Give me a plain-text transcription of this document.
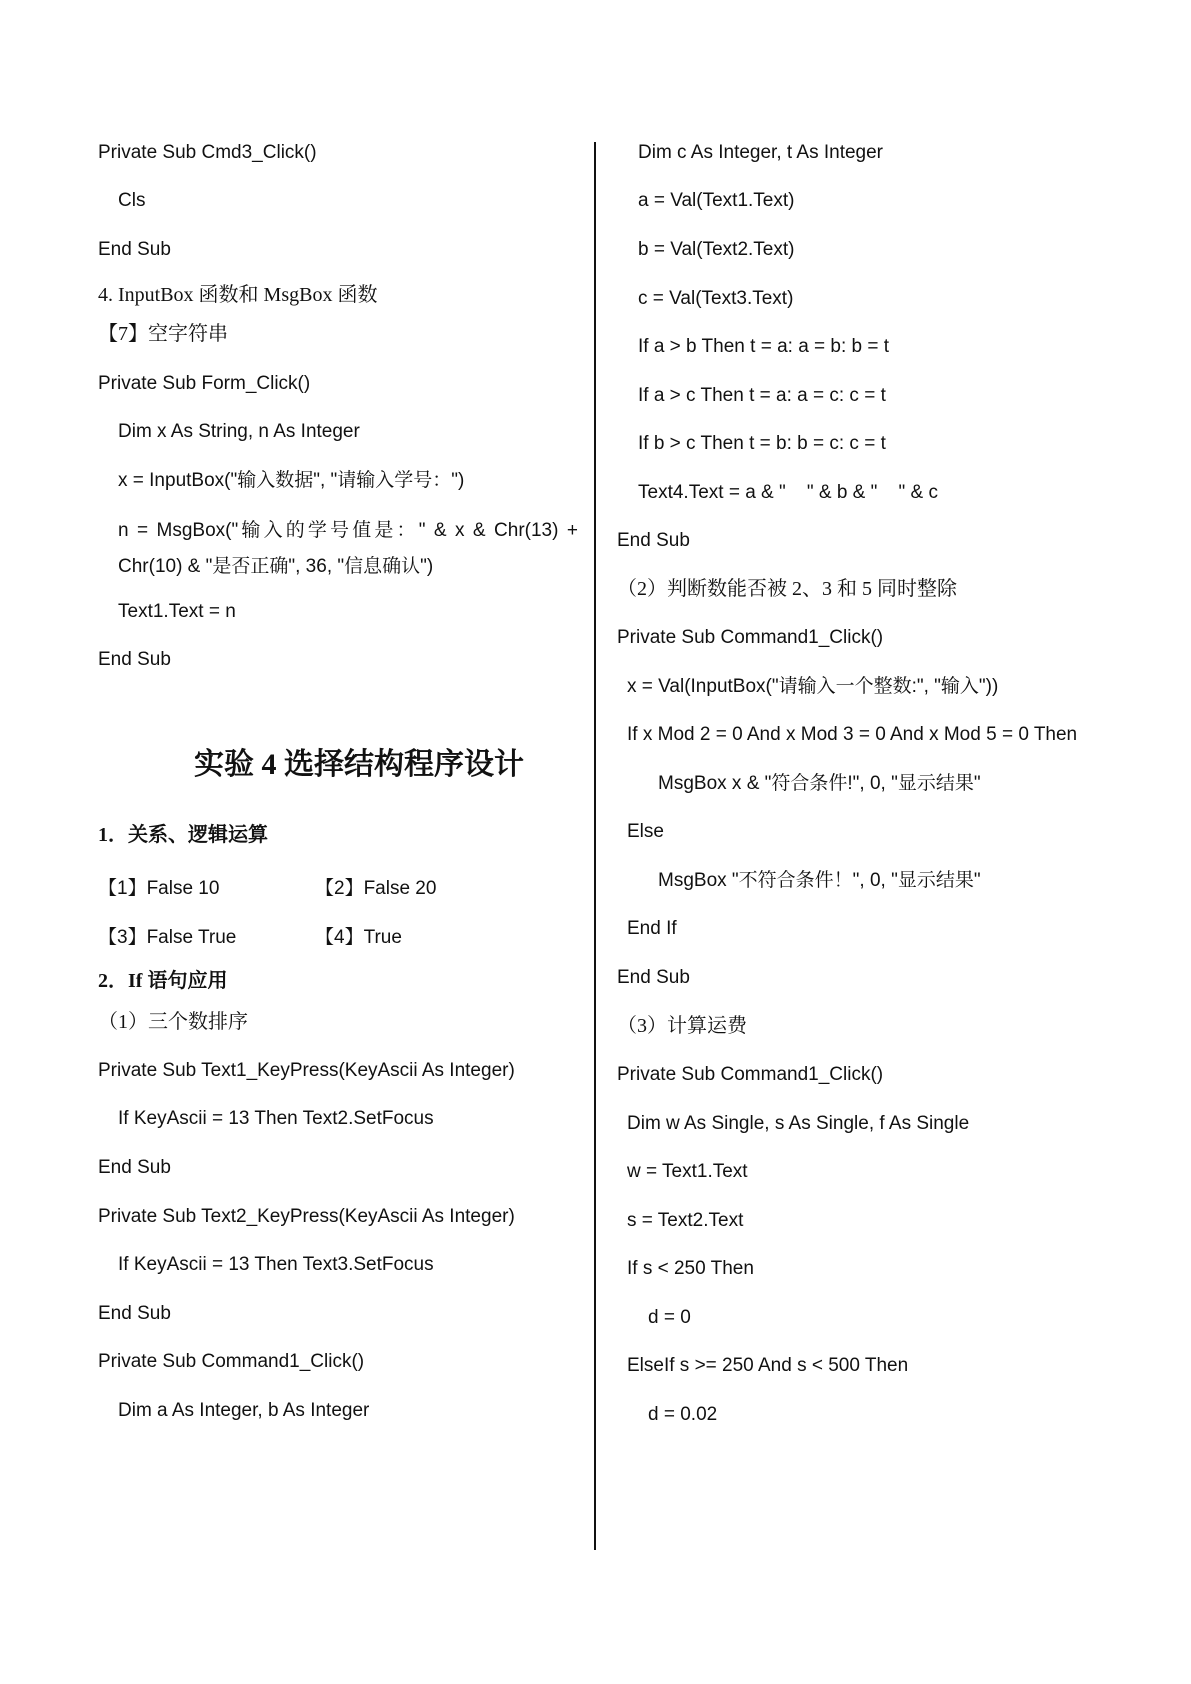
Private Sub Cmd3_Click()
Cls
End Sub
4. InputBox 函数和 MsgBox 函数
【7】空字符串
Private Sub Form_Click()
Dim x As String, n As Integer
x = InputBox("输入数据", "请输入学号：")
n = MsgBox("输入的学号值是：" & x & Chr(13) + Chr(10) & "是否正确", 36, "信息确认")
Text1.Text = n
End Sub
实验 4 选择结构程序设计
1．关系、逻辑运算
【1】False 10	【2】False 20
【3】False True	【4】True
2．If 语句应用
（1）三个数排序
Private Sub Text1_KeyPress(KeyAscii As Integer)
If KeyAscii = 13 Then Text2.SetFocus
End Sub
Private Sub Text2_KeyPress(KeyAscii As Integer)
If KeyAscii = 13 Then Text3.SetFocus
End Sub
Private Sub Command1_Click()
Dim a As Integer, b As Integer
Dim c As Integer, t As Integer
a = Val(Text1.Text)
b = Val(Text2.Text)
c = Val(Text3.Text)
If a > b Then t = a: a = b: b = t
If a > c Then t = a: a = c: c = t
If b > c Then t = b: b = c: c = t
Text4.Text = a & "    " & b & "    " & c
End Sub
（2）判断数能否被 2、3 和 5 同时整除
Private Sub Command1_Click()
x = Val(InputBox("请输入一个整数:", "输入"))
If x Mod 2 = 0 And x Mod 3 = 0 And x Mod 5 = 0 Then
MsgBox x & "符合条件!", 0, "显示结果"
Else
MsgBox "不符合条件！", 0, "显示结果"
End If
End Sub
（3）计算运费
Private Sub Command1_Click()
Dim w As Single, s As Single, f As Single
w = Text1.Text
s = Text2.Text
If s < 250 Then
d = 0
ElseIf s >= 250 And s < 500 Then
d = 0.02
